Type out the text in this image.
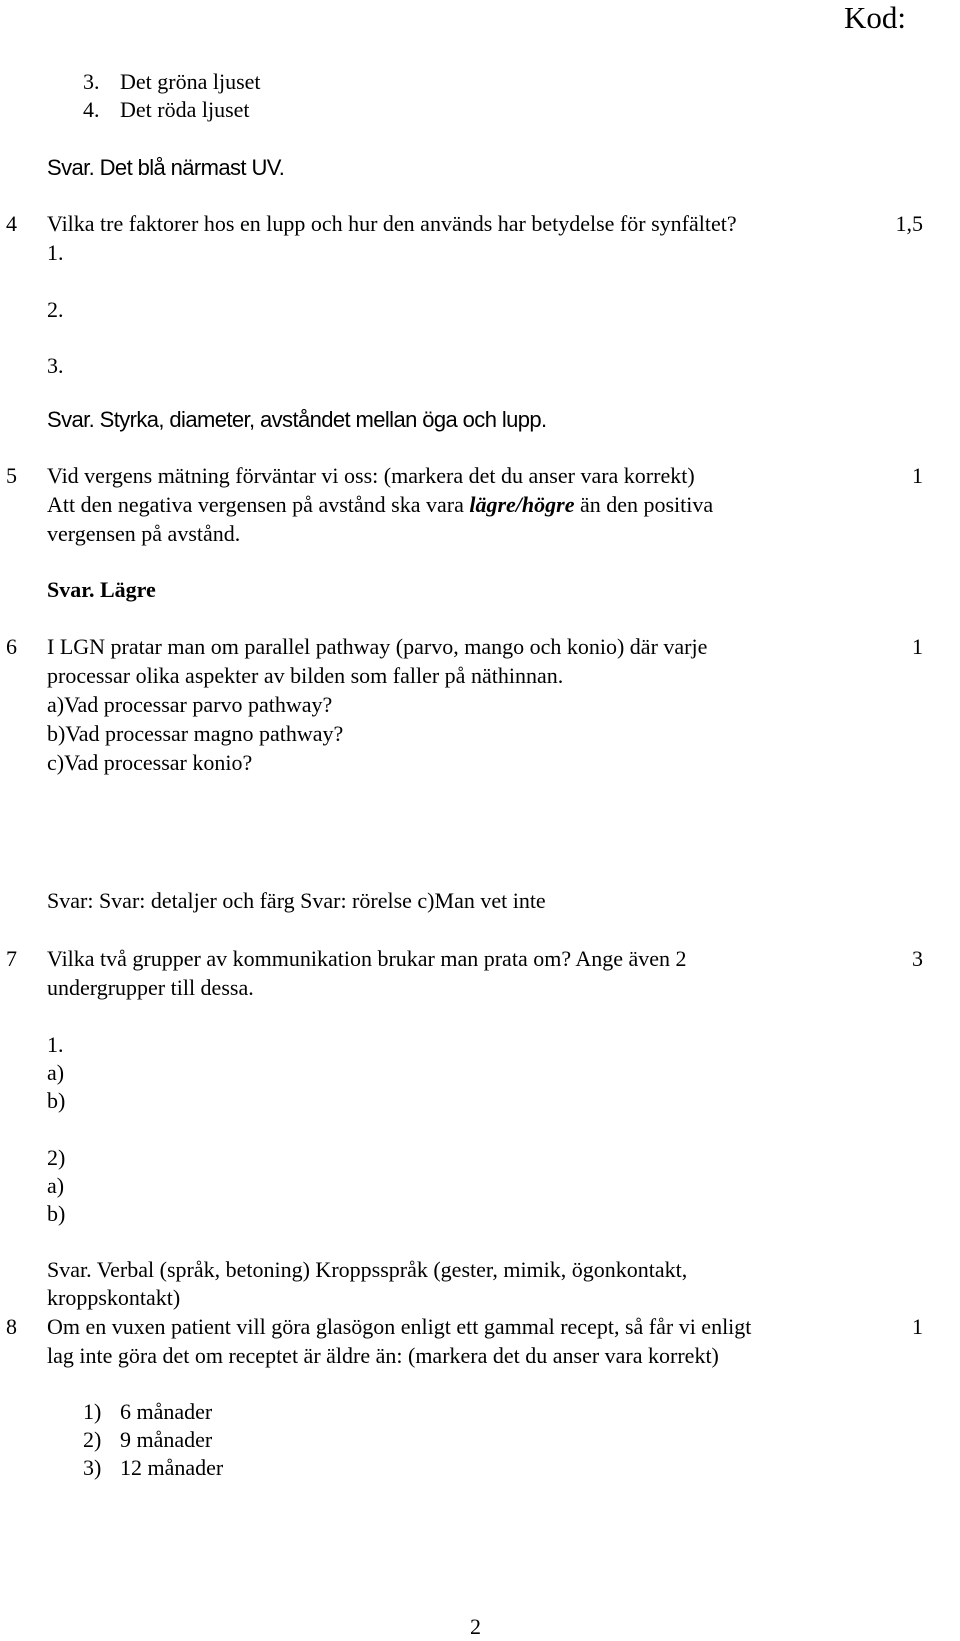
Kod:
3. Det gröna ljuset
4. Det röda ljuset
Svar. Det blå närmast UV.
4 Vilka tre faktorer hos en lupp och hur den används har betydelse för synfältet?	1,5
1.
2.
3.
Svar. Styrka, diameter, avståndet mellan öga och lupp.
5 Vid vergens mätning förväntar vi oss: (markera det du anser vara korrekt)	1
Att den negativa vergensen på avstånd ska vara lägre/högre än den positiva
vergensen på avstånd.
Svar. Lägre
6 I LGN pratar man om parallel pathway (parvo, mango och konio) där varje	1
processar olika aspekter av bilden som faller på näthinnan.
a)Vad processar parvo pathway?
b)Vad processar magno pathway?
c)Vad processar konio?
Svar: Svar: detaljer och färg Svar: rörelse c)Man vet inte
7 Vilka två grupper av kommunikation brukar man prata om? Ange även 2	3
undergrupper till dessa.
1.
a)
b)
2)
a)
b)
Svar. Verbal (språk, betoning) Kroppsspråk (gester, mimik, ögonkontakt,
kroppskontakt)
8 Om en vuxen patient vill göra glasögon enligt ett gammal recept, så får vi enligt	1
lag inte göra det om receptet är äldre än: (markera det du anser vara korrekt)
1) 6 månader
2) 9 månader
3) 12 månader
2
